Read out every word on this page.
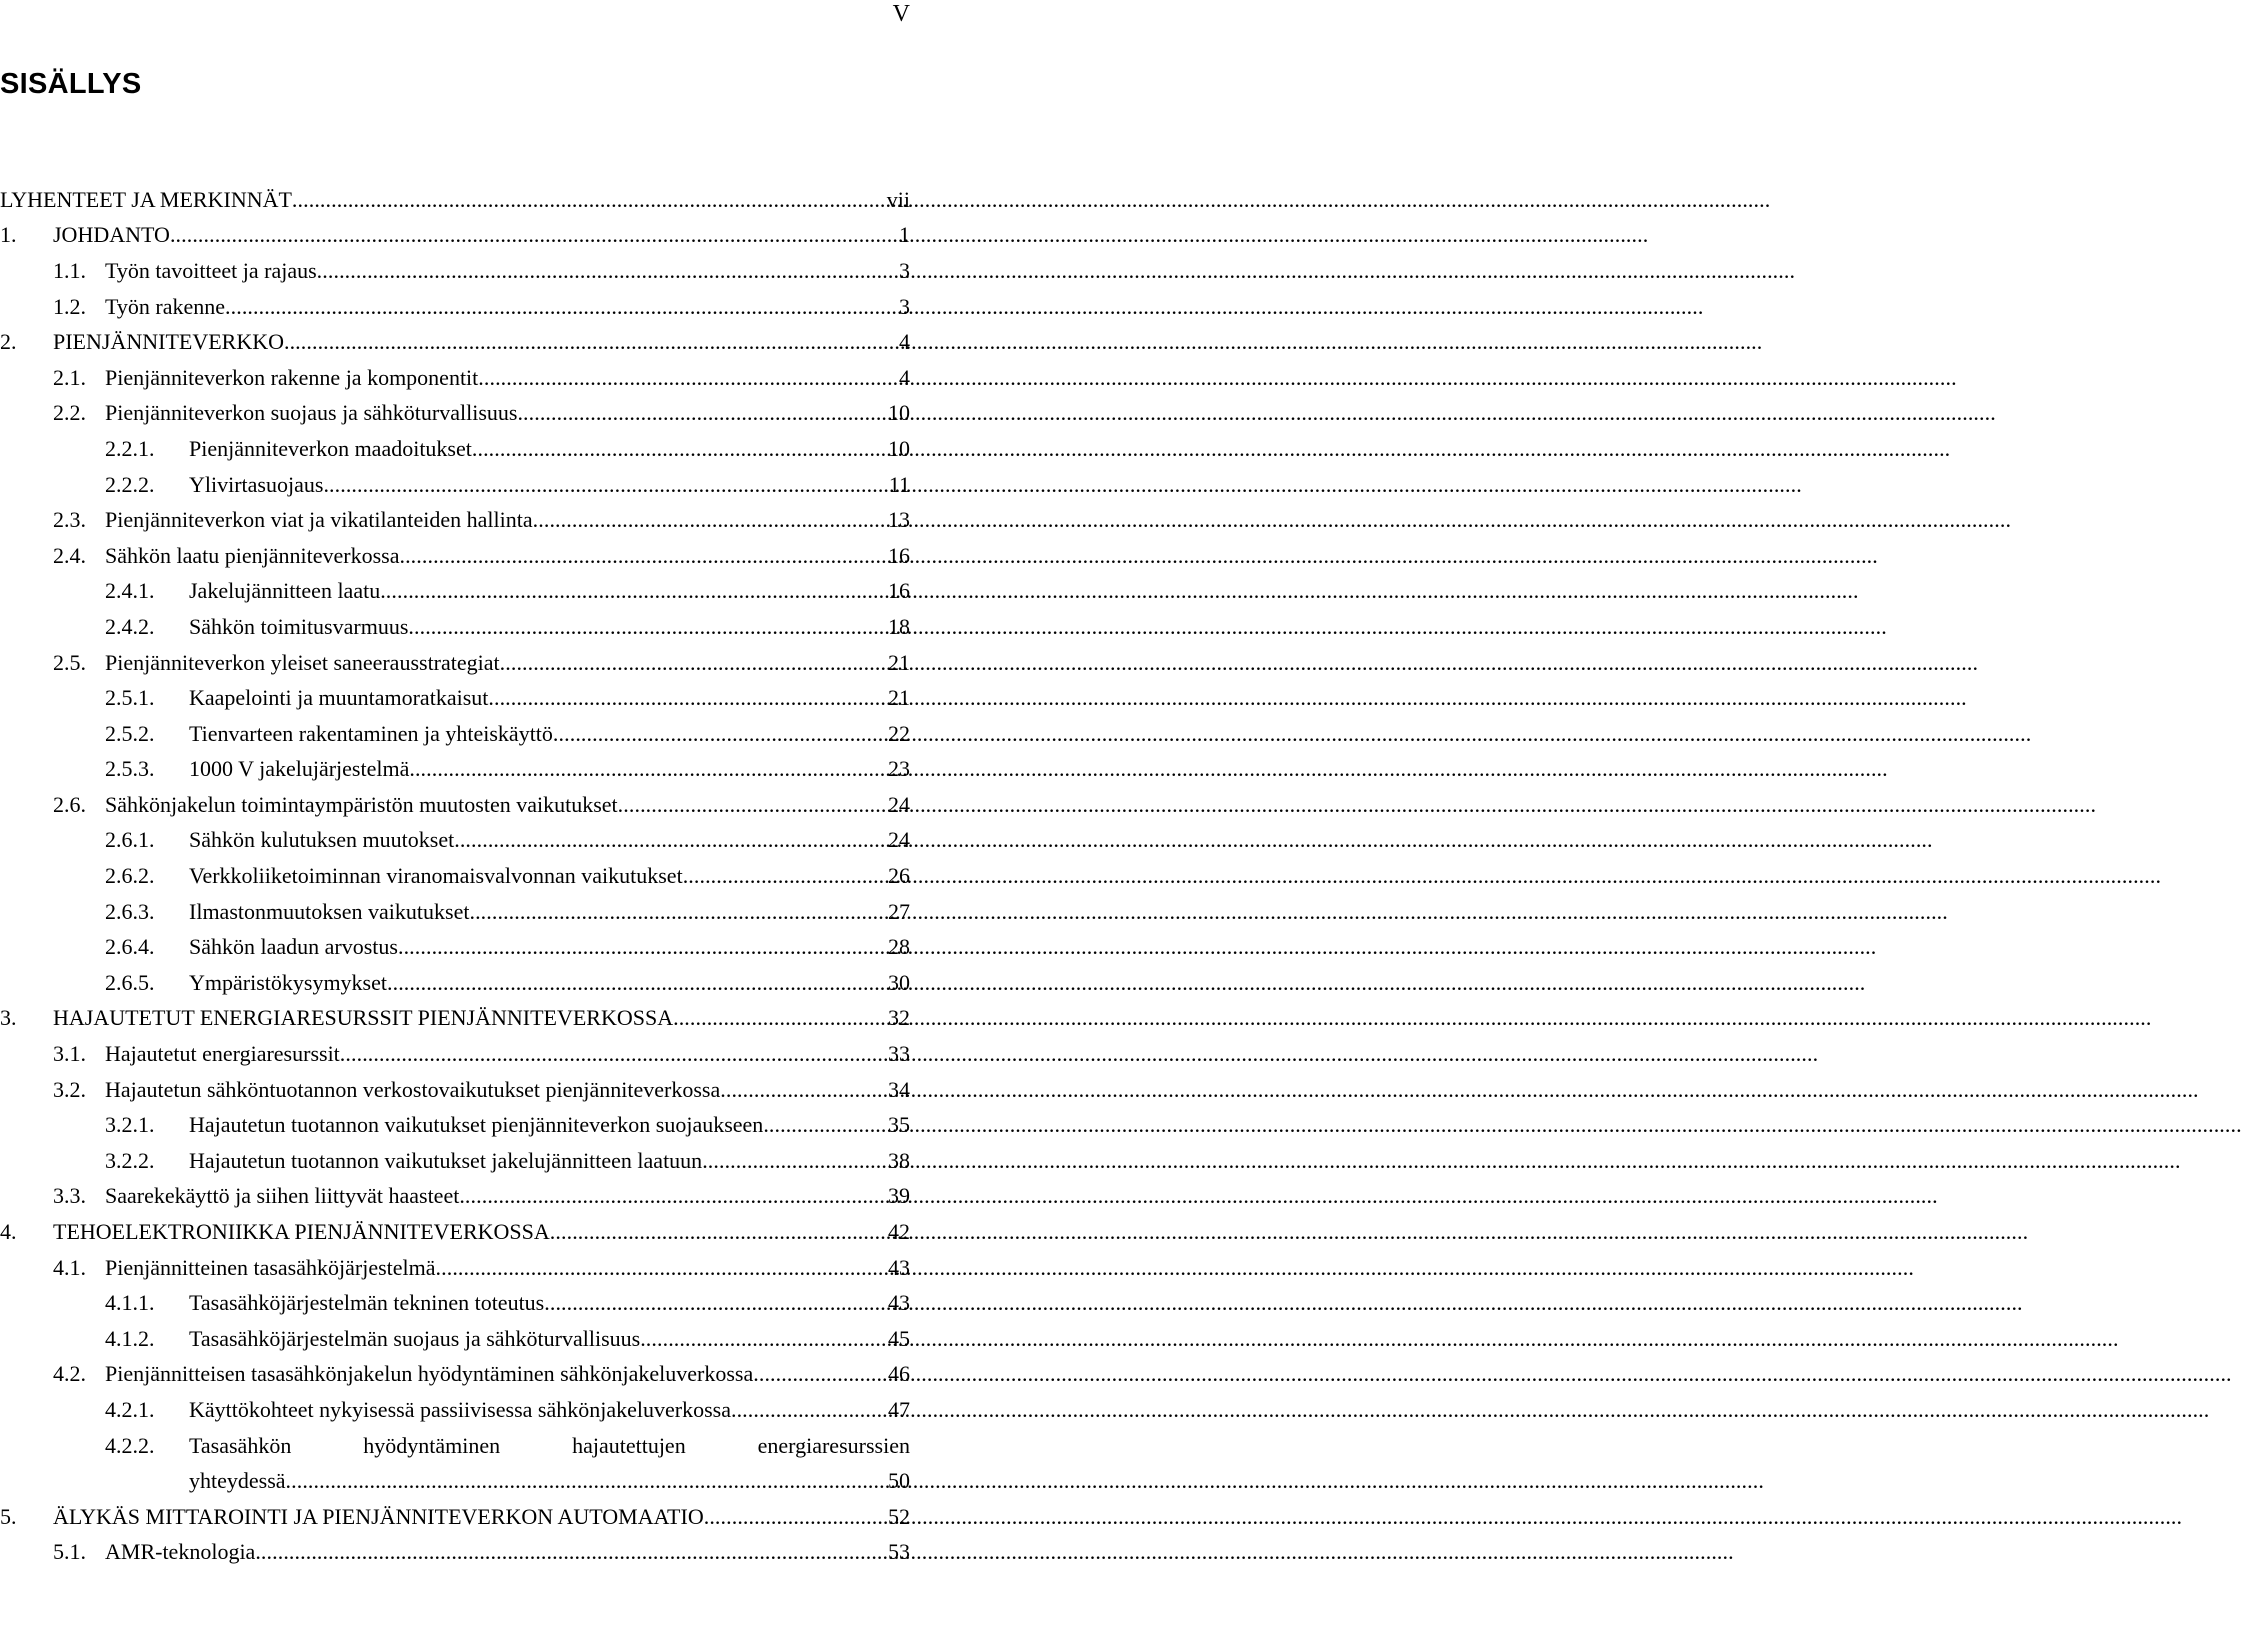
V
SISÄLLYS
LYHENTEET JA MERKINNÄT .....	vii
1.	JOHDANTO .....	1
1.1. Työn tavoitteet ja rajaus .....	3
1.2. Työn rakenne .....	3
2.	PIENJÄNNITEVERKKO .....	4
2.1. Pienjänniteverkon rakenne ja komponentit .....	4
2.2. Pienjänniteverkon suojaus ja sähköturvallisuus .....	10
2.2.1.	Pienjänniteverkon maadoitukset .....	10
2.2.2.	Ylivirtasuojaus .....	11
2.3. Pienjänniteverkon viat ja vikatilanteiden hallinta .....	13
2.4. Sähkön laatu pienjänniteverkossa .....	16
2.4.1.	Jakelujännitteen laatu .....	16
2.4.2.	Sähkön toimitusvarmuus .....	18
2.5. Pienjänniteverkon yleiset saneerausstrategiat .....	21
2.5.1.	Kaapelointi ja muuntamoratkaisut .....	21
2.5.2.	Tienvarteen rakentaminen ja yhteiskäyttö .....	22
2.5.3.	1000 V jakelujärjestelmä .....	23
2.6. Sähkönjakelun toimintaympäristön muutosten vaikutukset .....	24
2.6.1.	Sähkön kulutuksen muutokset .....	24
2.6.2.	Verkkoliiketoiminnan viranomaisvalvonnan vaikutukset .....	26
2.6.3.	Ilmastonmuutoksen vaikutukset .....	27
2.6.4.	Sähkön laadun arvostus .....	28
2.6.5.	Ympäristökysymykset .....	30
3.	HAJAUTETUT ENERGIARESURSSIT PIENJÄNNITEVERKOSSA .....	32
3.1. Hajautetut energiaresurssit .....	33
3.2. Hajautetun sähköntuotannon verkostovaikutukset pienjänniteverkossa .....	34
3.2.1.	Hajautetun tuotannon vaikutukset pienjänniteverkon suojaukseen .....	35
3.2.2.	Hajautetun tuotannon vaikutukset jakelujännitteen laatuun .....	38
3.3. Saarekekäyttö ja siihen liittyvät haasteet .....	39
4.	TEHOELEKTRONIIKKA PIENJÄNNITEVERKOSSA .....	42
4.1. Pienjännitteinen tasasähköjärjestelmä .....	43
4.1.1.	Tasasähköjärjestelmän tekninen toteutus .....	43
4.1.2.	Tasasähköjärjestelmän suojaus ja sähköturvallisuus .....	45
4.2. Pienjännitteisen tasasähkönjakelun hyödyntäminen sähkönjakeluverkossa .....	46
4.2.1.	Käyttökohteet nykyisessä passiivisessa sähkönjakeluverkossa .....	47
4.2.2.	Tasasähkön	hyödyntäminen	hajautettujen	energiaresurssien
yhteydessä .....	50
5.	ÄLYKÄS MITTAROINTI JA PIENJÄNNITEVERKON AUTOMAATIO .....	52
5.1. AMR-teknologia .....	53
